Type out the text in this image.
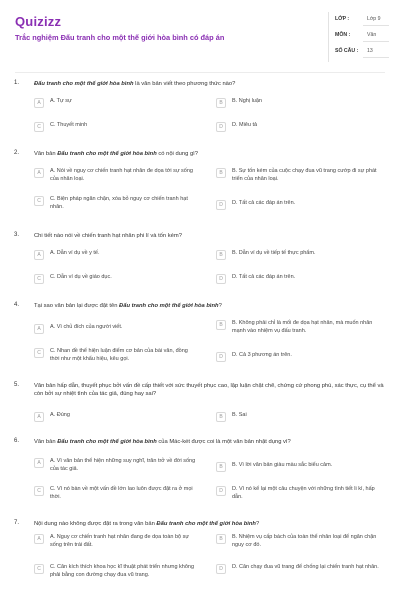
Quizizz
Trắc nghiệm Đấu tranh cho một thế giới hòa bình có đáp án
LỚP :	Lớp 9
MÔN :	Văn
SỐ CÂU : 13
1.	Đấu tranh cho một thế giới hòa bình là văn bản viết theo phương thức nào?
A	A. Tự sự	B	B. Nghị luận
C	C. Thuyết minh	D	D. Miêu tả
2.	Văn bản Đấu tranh cho một thế giới hòa bình có nội dung gì?
A	A. Nói về nguy cơ chiến tranh hạt nhân đe dọa tới sự sống của nhân loại.
B	B. Sự tốn kém của cuộc chạy đua vũ trang cướp đi sự phát triển của nhân loại.
C	C. Biện pháp ngăn chặn, xóa bỏ nguy cơ chiến tranh hạt nhân.	D	D. Tất cả các đáp án trên.
3.	Chi tiết nào nói về chiến tranh hạt nhân phi lí và tốn kém?
A	A. Dẫn ví dụ về y tế.	B	B. Dẫn ví dụ về tiếp tế thực phẩm.
C	C. Dẫn ví dụ về giáo dục.	D	D. Tất cả các đáp án trên.
4.	Tại sao văn bản lại được đặt tên Đấu tranh cho một thế giới hòa bình?
A	A. Vì chủ đích của người viết.	B	B. Không phải chỉ là mối đe dọa hạt nhân, mà muốn nhân mạnh vào nhiệm vụ đấu tranh.
C	C. Nhan đề thể hiện luận điểm cơ bản của bài văn, đồng thời như một khẩu hiệu, kêu gọi.	D	D. Cả 3 phương án trên.
5.	Văn bản hấp dẫn, thuyết phục bởi vấn đề cấp thiết với sức thuyết phục cao, lập luận chặt chẽ, chứng cứ phong phú, xác thực, cụ thể và còn bởi sự nhiệt tình của tác giả, đúng hay sai?
A	A. Đúng	B	B. Sai
6.	Văn bản Đấu tranh cho một thế giới hòa bình của Mác-két được coi là một văn bản nhật dụng vì?
A	A. Vì văn bản thể hiện những suy nghĩ, trăn trở về đời sống của tác giả.	B	B. Vì lời văn bản giàu màu sắc biểu cảm.
C	C. Vì nó bàn về một vấn đề lớn lao luôn được đặt ra ở mọi thời.
D	D. Vì nó kể lại một câu chuyện với những tình tiết li kì, hấp dẫn.
7.	Nội dung nào không được đặt ra trong văn bản Đấu tranh cho một thế giới hòa bình?
A	A. Nguy cơ chiến tranh hạt nhân đang đe dọa toàn bộ sự sống trên trái đất.
B	B. Nhiệm vụ cấp bách của toàn thể nhân loại để ngăn chặn nguy cơ đó.
C	C. Căn kích thích khoa học kĩ thuật phát triển nhưng không phải bằng con đường chạy đua vũ trang.
D	D. Cân chạy đua vũ trang để chống lại chiến tranh hạt nhân.
